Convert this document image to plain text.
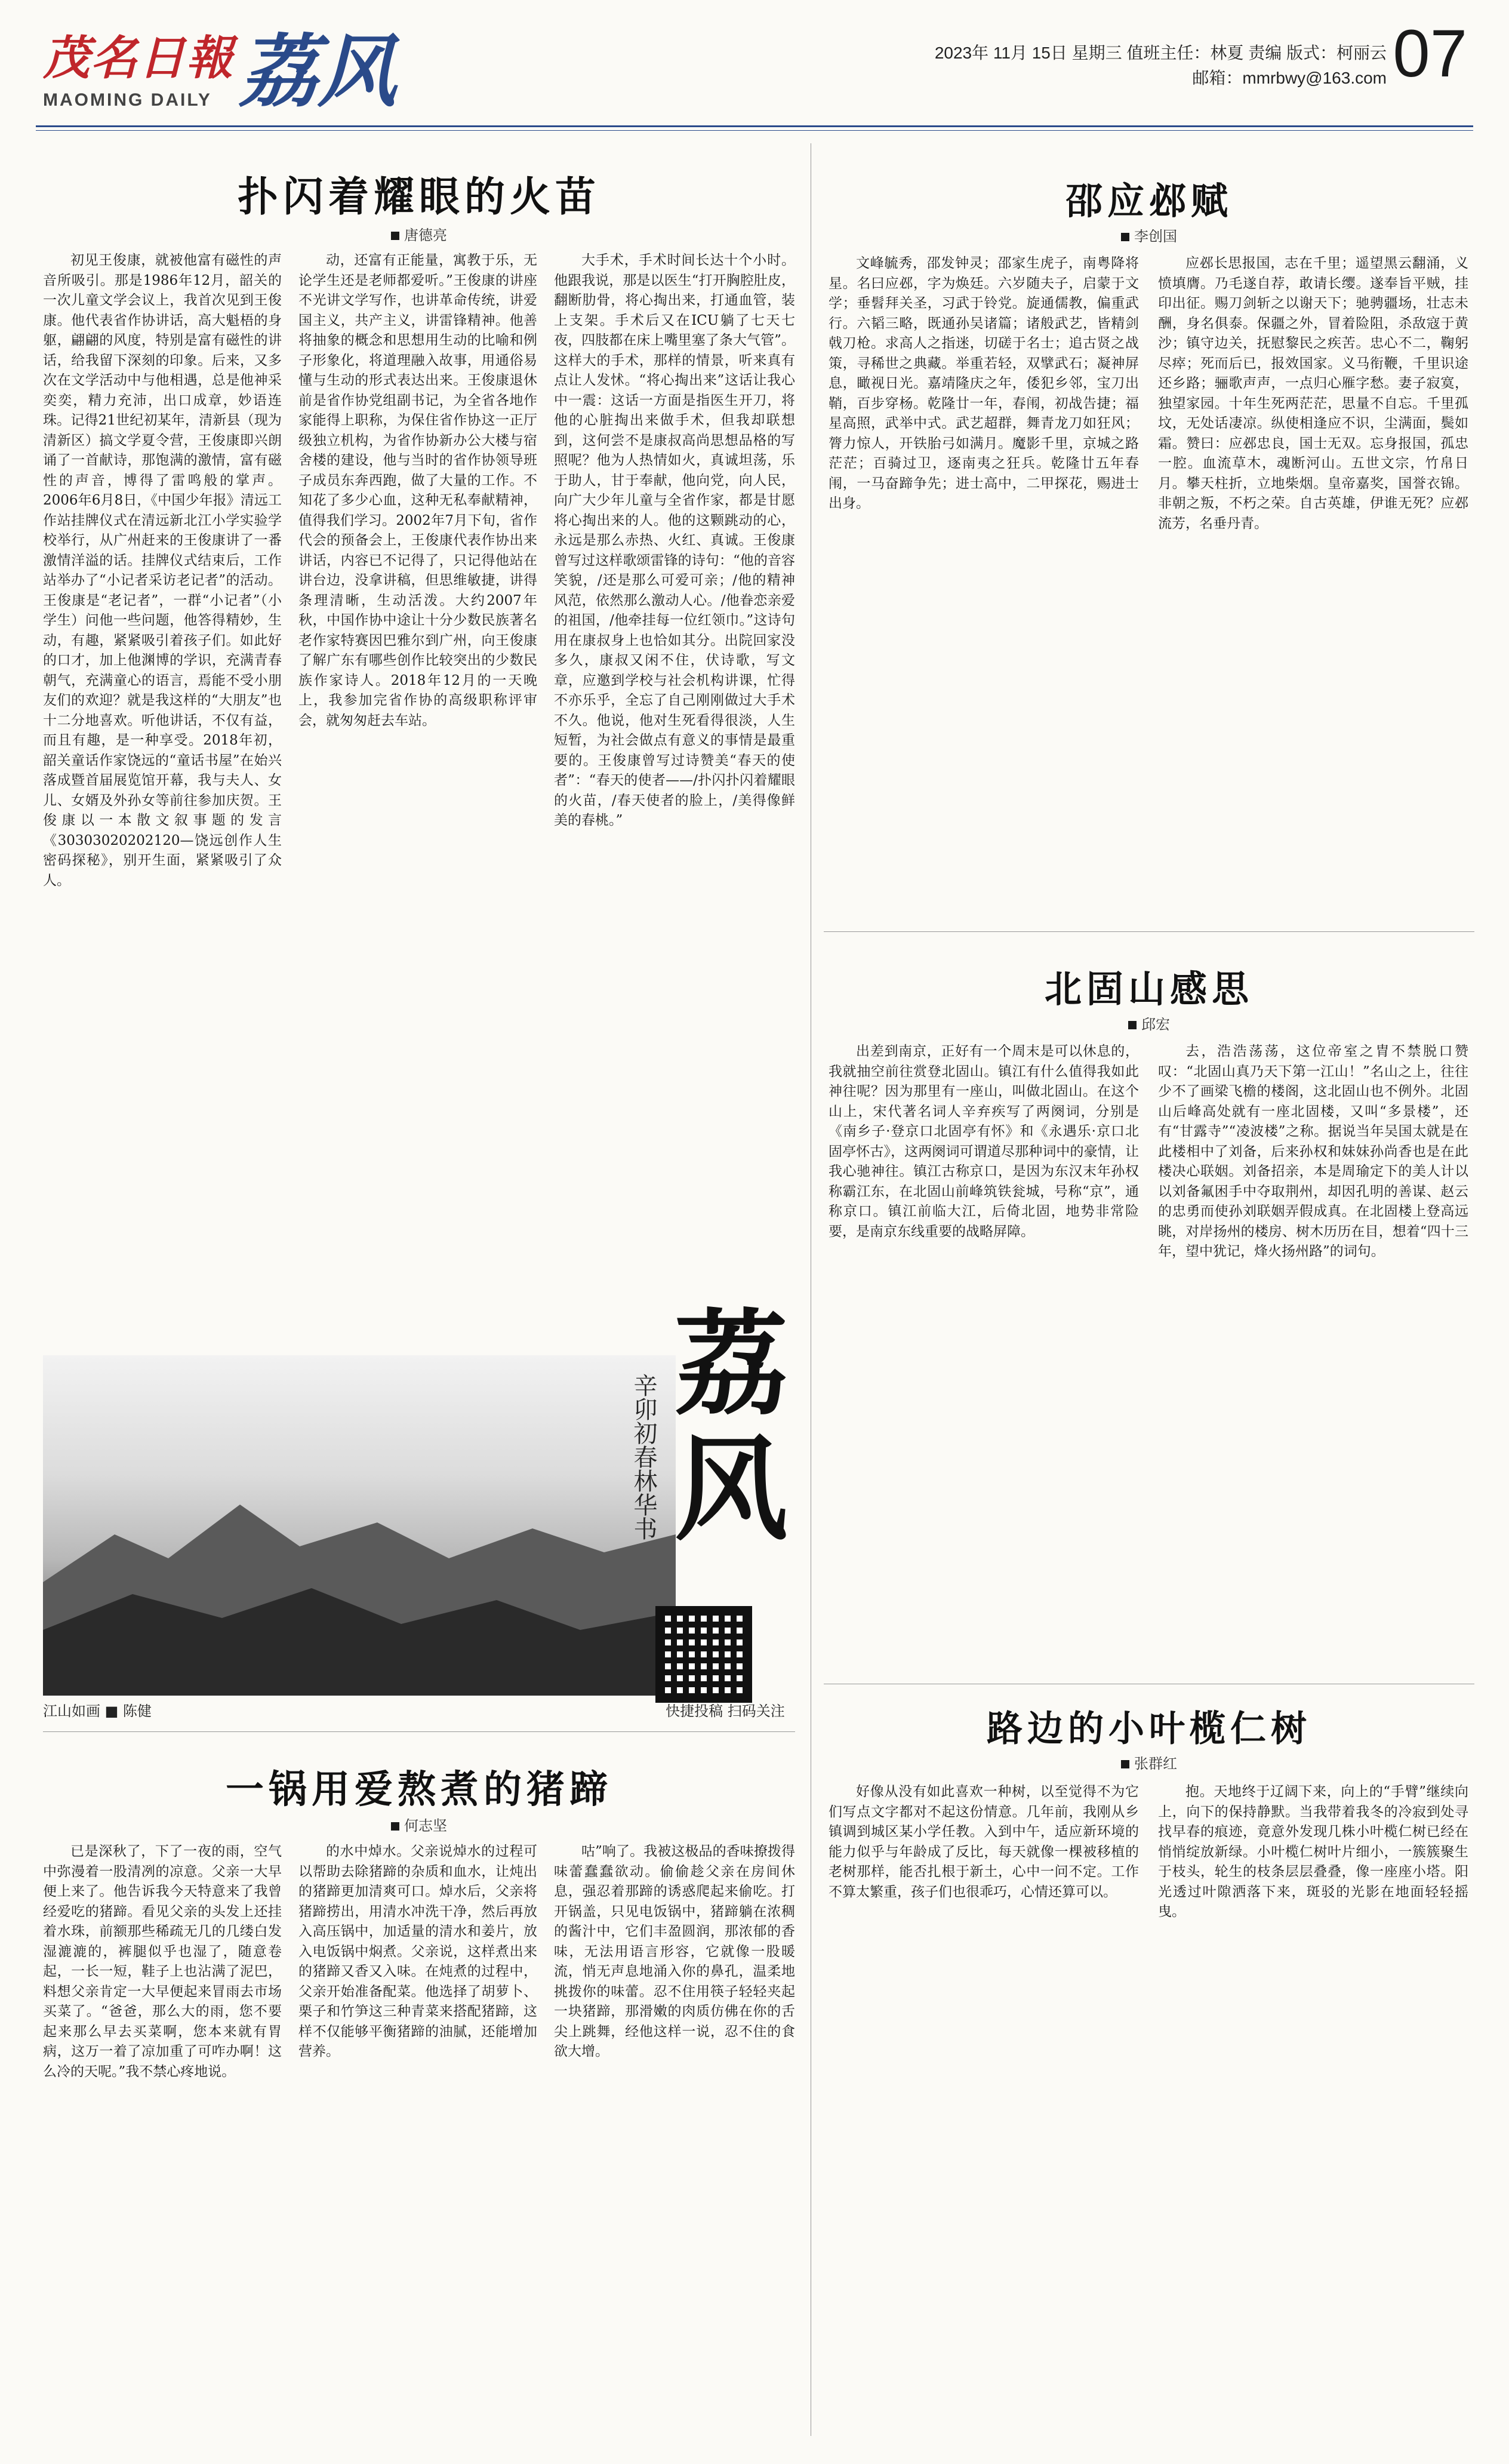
茂名日報
MAOMING DAILY 荔风	2023年 11月 15日 星期三 值班主任：林夏 责编 版式：柯丽云
邮箱：mmrbwy@163.com 07
扑闪着耀眼的火苗
唐德亮
初见王俊康，就被他富有磁性的声音所吸引。那是1986年12月，韶关的一次儿童文学会议上，我首次见到王俊康。他代表省作协讲话，高大魁梧的身躯，翩翩的风度，特别是富有磁性的讲话，给我留下深刻的印象。后来，又多次在文学活动中与他相遇，总是他神采奕奕，精力充沛，出口成章，妙语连珠。记得21世纪初某年，清新县（现为清新区）搞文学夏令营，王俊康即兴朗诵了一首献诗，那饱满的激情，富有磁性的声音，博得了雷鸣般的掌声。2006年6月8日，《中国少年报》清远工作站挂牌仪式在清远新北江小学实验学校举行，从广州赶来的王俊康讲了一番激情洋溢的话。挂牌仪式结束后，工作站举办了“小记者采访老记者”的活动。王俊康是“老记者”，一群“小记者”（小学生）问他一些问题，他答得精妙，生动，有趣，紧紧吸引着孩子们。如此好的口才，加上他渊博的学识，充满青春朝气，充满童心的语言，焉能不受小朋友们的欢迎？就是我这样的“大朋友”也十二分地喜欢。听他讲话，不仅有益，而且有趣，是一种享受。2018年初，韶关童话作家饶远的“童话书屋”在始兴落成暨首届展览馆开幕，我与夫人、女儿、女婿及外孙女等前往参加庆贺。王俊康以一本散文叙事题的发言《30303020202120—饶远创作人生密码探秘》，别开生面，紧紧吸引了众人。
动，还富有正能量，寓教于乐，无论学生还是老师都爱听。”王俊康的讲座不光讲文学写作，也讲革命传统，讲爱国主义，共产主义，讲雷锋精神。他善将抽象的概念和思想用生动的比喻和例子形象化，将道理融入故事，用通俗易懂与生动的形式表达出来。王俊康退休前是省作协党组副书记，为全省各地作家能得上职称，为保住省作协这一正厅级独立机构，为省作协新办公大楼与宿舍楼的建设，他与当时的省作协领导班子成员东奔西跑，做了大量的工作。不知花了多少心血，这种无私奉献精神，值得我们学习。2002年7月下旬，省作代会的预备会上，王俊康代表作协出来讲话，内容已不记得了，只记得他站在讲台边，没拿讲稿，但思维敏捷，讲得条理清晰，生动活泼。大约2007年秋，中国作协中途让十分少数民族著名老作家特赛因巴雅尔到广州，向王俊康了解广东有哪些创作比较突出的少数民族作家诗人。2018年12月的一天晚上，我参加完省作协的高级职称评审会，就匆匆赶去车站。
大手术，手术时间长达十个小时。他跟我说，那是以医生“打开胸腔肚皮，翻断肋骨，将心掏出来，打通血管，装上支架。手术后又在ICU躺了七天七夜，四肢都在床上嘴里塞了条大气管”。这样大的手术，那样的情景，听来真有点让人发怵。“将心掏出来”这话让我心中一震：这话一方面是指医生开刀，将他的心脏掏出来做手术，但我却联想到，这何尝不是康叔高尚思想品格的写照呢？他为人热情如火，真诚坦荡，乐于助人，甘于奉献，他向党，向人民，向广大少年儿童与全省作家，都是甘愿将心掏出来的人。他的这颗跳动的心，永远是那么赤热、火红、真诚。王俊康曾写过这样歌颂雷锋的诗句：“他的音容笑貌，/还是那么可爱可亲；/他的精神风范，依然那么激动人心。/他眷恋亲爱的祖国，/他牵挂每一位红领巾。”这诗句用在康叔身上也恰如其分。出院回家没多久，康叔又闲不住，伏诗歌，写文章，应邀到学校与社会机构讲课，忙得不亦乐乎，全忘了自己刚刚做过大手术不久。他说，他对生死看得很淡，人生短暂，为社会做点有意义的事情是最重要的。王俊康曾写过诗赞美“春天的使者”：“春天的使者——/扑闪扑闪着耀眼的火苗，/春天使者的脸上，/美得像鲜美的春桃。”
邵应邲赋
李创国
文峰毓秀，邵发钟灵；邵家生虎子，南粤降将星。名曰应邲，字为焕廷。六岁随夫子，启蒙于文学；垂髫拜关圣，习武于铃党。旋通儒教，偏重武行。六韬三略，既通孙吴诸篇；诸般武艺，皆精剑戟刀枪。求高人之指迷，切磋于名士；追古贤之战策，寻稀世之典藏。举重若轻，双擘武石；凝神屏息，瞰视日光。嘉靖隆庆之年，倭犯乡邻，宝刀出鞘，百步穿杨。乾隆廿一年，春闱，初战告捷；福星高照，武举中式。武艺超群，舞青龙刀如狂风；膂力惊人，开铁胎弓如满月。魔影千里，京城之路茫茫；百骑过卫，逐南夷之狂兵。乾隆廿五年春闱，一马奋蹄争先；进士高中，二甲探花，赐进士出身。
应邲长思报国，志在千里；遥望黑云翻涌，义愤填膺。乃毛遂自荐，敢请长缨。遂奉旨平贼，挂印出征。赐刀剑斩之以谢天下；驰骋疆场，壮志未酬，身名俱泰。保疆之外，冒着险阻，杀敌寇于黄沙；镇守边关，抚慰黎民之疾苦。忠心不二，鞠躬尽瘁；死而后已，报效国家。义马衔鞭，千里识途还乡路；骊歌声声，一点归心雁字愁。妻子寂寞，独望家园。十年生死两茫茫，思量不自忘。千里孤坟，无处话凄凉。纵使相逢应不识，尘满面，鬓如霜。赞曰：应邲忠良，国士无双。忘身报国，孤忠一腔。血流草木，魂断河山。五世文宗，竹帛日月。攀天柱折，立地柴烟。皇帝嘉奖，国誉衣锦。非朝之叛，不朽之荣。自古英雄，伊谁无死？应邲流芳，名垂丹青。
北固山感思
邱宏
出差到南京，正好有一个周末是可以休息的，我就抽空前往赏登北固山。镇江有什么值得我如此神往呢？因为那里有一座山，叫做北固山。在这个山上，宋代著名词人辛弃疾写了两阕词，分别是《南乡子·登京口北固亭有怀》和《永遇乐·京口北固亭怀古》，这两阕词可谓道尽那种词中的豪情，让我心驰神往。镇江古称京口，是因为东汉末年孙权称霸江东，在北固山前峰筑铁瓮城，号称“京”，通称京口。镇江前临大江，后倚北固，地势非常险要，是南京东线重要的战略屏障。
去，浩浩荡荡，这位帝室之胄不禁脱口赞叹：“北固山真乃天下第一江山！”名山之上，往往少不了画梁飞檐的楼阁，这北固山也不例外。北固山后峰高处就有一座北固楼，又叫“多景楼”，还有“甘露寺”“凌波楼”之称。据说当年吴国太就是在此楼相中了刘备，后来孙权和妹妹孙尚香也是在此楼决心联姻。刘备招亲，本是周瑜定下的美人计以以刘备氟困手中夺取荆州，却因孔明的善谋、赵云的忠勇而使孙刘联姻弄假成真。在北固楼上登高远眺，对岸扬州的楼房、树木历历在目，想着“四十三年，望中犹记，烽火扬州路”的词句。
荔风
辛卯初春林华书
江山如画 ■ 陈健	快捷投稿 扫码关注
一锅用爱熬煮的猪蹄
何志坚
已是深秋了，下了一夜的雨，空气中弥漫着一股清冽的凉意。父亲一大早便上来了。他告诉我今天特意来了我曾经爱吃的猪蹄。看见父亲的头发上还挂着水珠，前额那些稀疏无几的几缕白发湿漉漉的，裤腿似乎也湿了，随意卷起，一长一短，鞋子上也沾满了泥巴，料想父亲肯定一大早便起来冒雨去市场买菜了。“爸爸，那么大的雨，您不要起来那么早去买菜啊，您本来就有胃病，这万一着了凉加重了可咋办啊！这么冷的天呢。”我不禁心疼地说。
的水中焯水。父亲说焯水的过程可以帮助去除猪蹄的杂质和血水，让炖出的猪蹄更加清爽可口。焯水后，父亲将猪蹄捞出，用清水冲洗干净，然后再放入高压锅中，加适量的清水和姜片，放入电饭锅中焖煮。父亲说，这样煮出来的猪蹄又香又入味。在炖煮的过程中，父亲开始准备配菜。他选择了胡萝卜、栗子和竹笋这三种青菜来搭配猪蹄，这样不仅能够平衡猪蹄的油腻，还能增加营养。
咕”响了。我被这极品的香味撩拨得味蕾蠢蠢欲动。偷偷趁父亲在房间休息，强忍着那蹄的诱惑爬起来偷吃。打开锅盖，只见电饭锅中，猪蹄躺在浓稠的酱汁中，它们丰盈圆润，那浓郁的香味，无法用语言形容，它就像一股暖流，悄无声息地涌入你的鼻孔，温柔地挑拨你的味蕾。忍不住用筷子轻轻夹起一块猪蹄，那滑嫩的肉质仿佛在你的舌尖上跳舞，经他这样一说，忍不住的食欲大增。
路边的小叶榄仁树
张群红
好像从没有如此喜欢一种树，以至觉得不为它们写点文字都对不起这份情意。几年前，我刚从乡镇调到城区某小学任教。入到中午，适应新环境的能力似乎与年龄成了反比，每天就像一棵被移植的老树那样，能否扎根于新土，心中一问不定。工作不算太繁重，孩子们也很乖巧，心情还算可以。
抱。天地终于辽阔下来，向上的“手臂”继续向上，向下的保持静默。当我带着我冬的冷寂到处寻找早春的痕迹，竟意外发现几株小叶榄仁树已经在悄悄绽放新绿。小叶榄仁树叶片细小，一簇簇聚生于枝头，轮生的枝条层层叠叠，像一座座小塔。阳光透过叶隙洒落下来，斑驳的光影在地面轻轻摇曳。
